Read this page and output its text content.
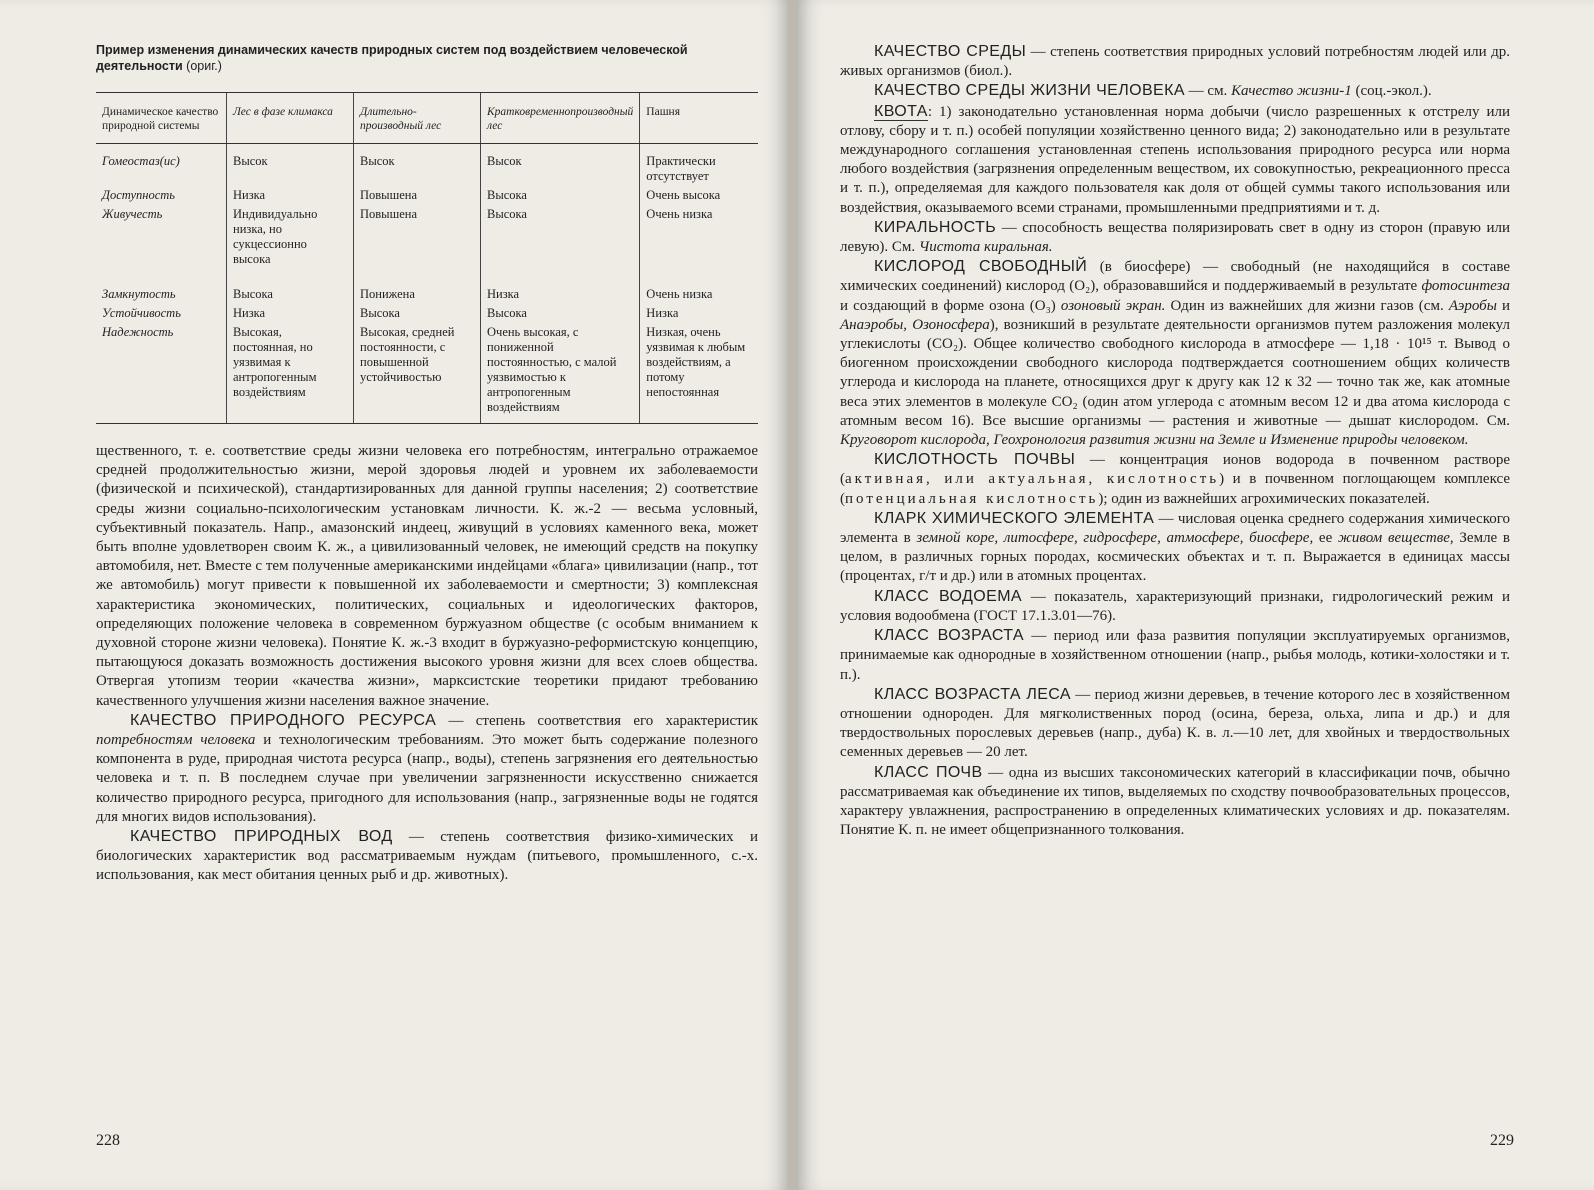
Пример изменения динамических качеств природных систем под воздействием человеческой деятельности (ориг.)
Динамическое качество природной системы	Лес в фазе климакса	Длительно-производный лес	Кратковременнопроизводный лес	Пашня
Гомеостаз(ис)	Высок	Высок	Высок	Практически отсутствует
Доступность	Низка	Повышена	Высока	Очень высока
Живучесть	Индивидуально низка, но сукцессионно высока	Повышена	Высока	Очень низка
Замкнутость	Высока	Понижена	Низка	Очень низка
Устойчивость	Низка	Высока	Высока	Низка
Надежность	Высокая, постоянная, но уязвимая к антропогенным воздействиям	Высокая, средней постоянности, с повышенной устойчивостью	Очень высокая, с пониженной постоянностью, с малой уязвимостью к антропогенным воздействиям	Низкая, очень уязвимая к любым воздействиям, а потому непостоянная

щественного, т. е. соответствие среды жизни человека его потребностям, интегрально отражаемое средней продолжительностью жизни, мерой здоровья людей и уровнем их заболеваемости (физической и психической), стандартизированных для данной группы населения; 2) соответствие среды жизни социально-психологическим установкам личности. К. ж.-2 — весьма условный, субъективный показатель. Напр., амазонский индеец, живущий в условиях каменного века, может быть вполне удовлетворен своим К. ж., а цивилизованный человек, не имеющий средств на покупку автомобиля, нет. Вместе с тем полученные американскими индейцами «блага» цивилизации (напр., тот же автомобиль) могут привести к повышенной их заболеваемости и смертности; 3) комплексная характеристика экономических, политических, социальных и идеологических факторов, определяющих положение человека в современном буржуазном обществе (с особым вниманием к духовной стороне жизни человека). Понятие К. ж.-3 входит в буржуазно-реформистскую концепцию, пытающуюся доказать возможность достижения высокого уровня жизни для всех слоев общества. Отвергая утопизм теории «качества жизни», марксистские теоретики придают требованию качественного улучшения жизни населения важное значение.

КАЧЕСТВО ПРИРОДНОГО РЕСУРСА — степень соответствия его характеристик потребностям человека и технологическим требованиям. Это может быть содержание полезного компонента в руде, природная чистота ресурса (напр., воды), степень загрязнения его деятельностью человека и т. п. В последнем случае при увеличении загрязненности искусственно снижается количество природного ресурса, пригодного для использования (напр., загрязненные воды не годятся для многих видов использования).

КАЧЕСТВО ПРИРОДНЫХ ВОД — степень соответствия физико-химических и биологических характеристик вод рассматриваемым нуждам (питьевого, промышленного, с.-х. использования, как мест обитания ценных рыб и др. животных).

228

КАЧЕСТВО СРЕДЫ — степень соответствия природных условий потребностям людей или др. живых организмов (биол.).

КАЧЕСТВО СРЕДЫ ЖИЗНИ ЧЕЛОВЕКА — см. Качество жизни-1 (соц.-экол.).

КВОТА: 1) законодательно установленная норма добычи (число разрешенных к отстрелу или отлову, сбору и т. п.) особей популяции хозяйственно ценного вида; 2) законодательно или в результате международного соглашения установленная степень использования природного ресурса или норма любого воздействия (загрязнения определенным веществом, их совокупностью, рекреационного пресса и т. п.), определяемая для каждого пользователя как доля от общей суммы такого использования или воздействия, оказываемого всеми странами, промышленными предприятиями и т. д.

КИРАЛЬНОСТЬ — способность вещества поляризировать свет в одну из сторон (правую или левую). См. Чистота киральная.

КИСЛОРОД СВОБОДНЫЙ (в биосфере) — свободный (не находящийся в составе химических соединений) кислород (O₂), образовавшийся и поддерживаемый в результате фотосинтеза и создающий в форме озона (O₃) озоновый экран. Один из важнейших для жизни газов (см. Аэробы и Анаэробы, Озоносфера), возникший в результате деятельности организмов путем разложения молекул углекислоты (CO₂). Общее количество свободного кислорода в атмосфере — 1,18 · 10¹⁵ т. Вывод о биогенном происхождении свободного кислорода подтверждается соотношением общих количеств углерода и кислорода на планете, относящихся друг к другу как 12 к 32 — точно так же, как атомные веса этих элементов в молекуле CO₂ (один атом углерода с атомным весом 12 и два атома кислорода с атомным весом 16). Все высшие организмы — растения и животные — дышат кислородом. См. Круговорот кислорода, Геохронология развития жизни на Земле и Изменение природы человеком.

КИСЛОТНОСТЬ ПОЧВЫ — концентрация ионов водорода в почвенном растворе (активная, или актуальная, кислотность) и в почвенном поглощающем комплексе (потенциальная кислотность); один из важнейших агрохимических показателей.

КЛАРК ХИМИЧЕСКОГО ЭЛЕМЕНТА — числовая оценка среднего содержания химического элемента в земной коре, литосфере, гидросфере, атмосфере, биосфере, ее живом веществе, Земле в целом, в различных горных породах, космических объектах и т. п. Выражается в единицах массы (процентах, г/т и др.) или в атомных процентах.

КЛАСС ВОДОЕМА — показатель, характеризующий признаки, гидрологический режим и условия водообмена (ГОСТ 17.1.3.01—76).

КЛАСС ВОЗРАСТА — период или фаза развития популяции эксплуатируемых организмов, принимаемые как однородные в хозяйственном отношении (напр., рыбья молодь, котики-холостяки и т. п.).

КЛАСС ВОЗРАСТА ЛЕСА — период жизни деревьев, в течение которого лес в хозяйственном отношении однороден. Для мягколиственных пород (осина, береза, ольха, липа и др.) и для твердоствольных порослевых деревьев (напр., дуба) К. в. л.—10 лет, для хвойных и твердоствольных семенных деревьев — 20 лет.

КЛАСС ПОЧВ — одна из высших таксономических категорий в классификации почв, обычно рассматриваемая как объединение их типов, выделяемых по сходству почвообразовательных процессов, характеру увлажнения, распространению в определенных климатических условиях и др. показателям. Понятие К. п. не имеет общепризнанного толкования.

229
